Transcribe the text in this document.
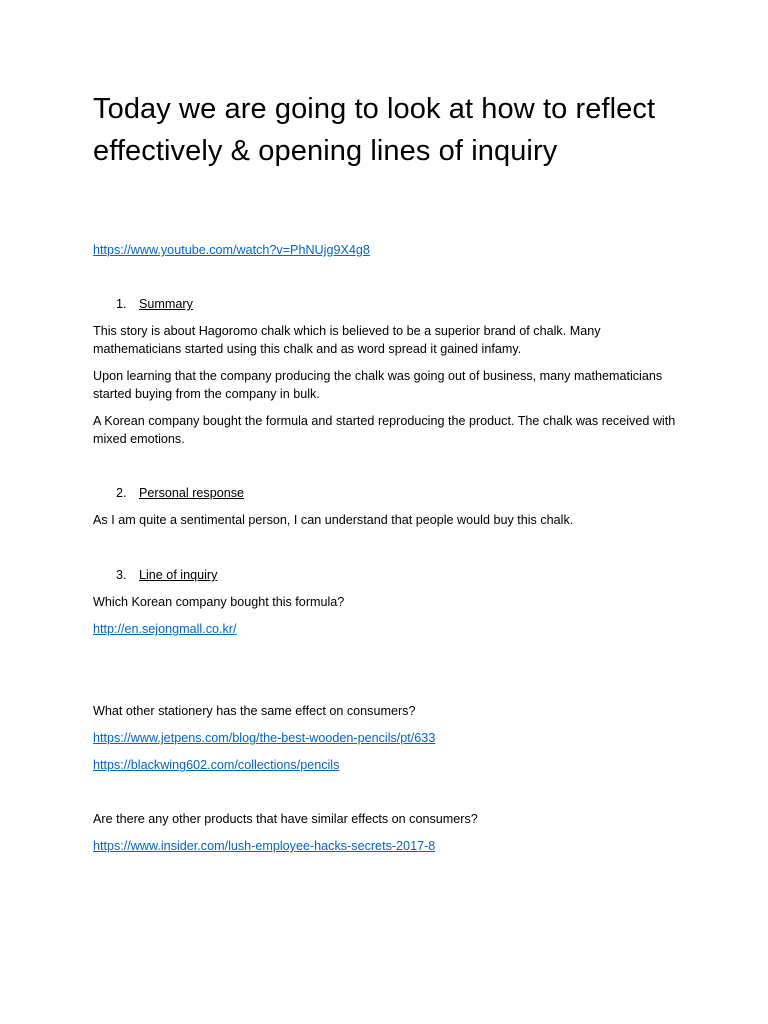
Today we are going to look at how to reflect effectively & opening lines of inquiry
https://www.youtube.com/watch?v=PhNUjg9X4g8
1. Summary

This story is about Hagoromo chalk which is believed to be a superior brand of chalk. Many mathematicians started using this chalk and as word spread it gained infamy.

Upon learning that the company producing the chalk was going out of business, many mathematicians started buying from the company in bulk.

A Korean company bought the formula and started reproducing the product. The chalk was received with mixed emotions.

2. Personal response

As I am quite a sentimental person, I can understand that people would buy this chalk.

3. Line of inquiry

Which Korean company bought this formula?

http://en.sejongmall.co.kr/

What other stationery has the same effect on consumers?

https://www.jetpens.com/blog/the-best-wooden-pencils/pt/633
https://blackwing602.com/collections/pencils

Are there any other products that have similar effects on consumers?

https://www.insider.com/lush-employee-hacks-secrets-2017-8
